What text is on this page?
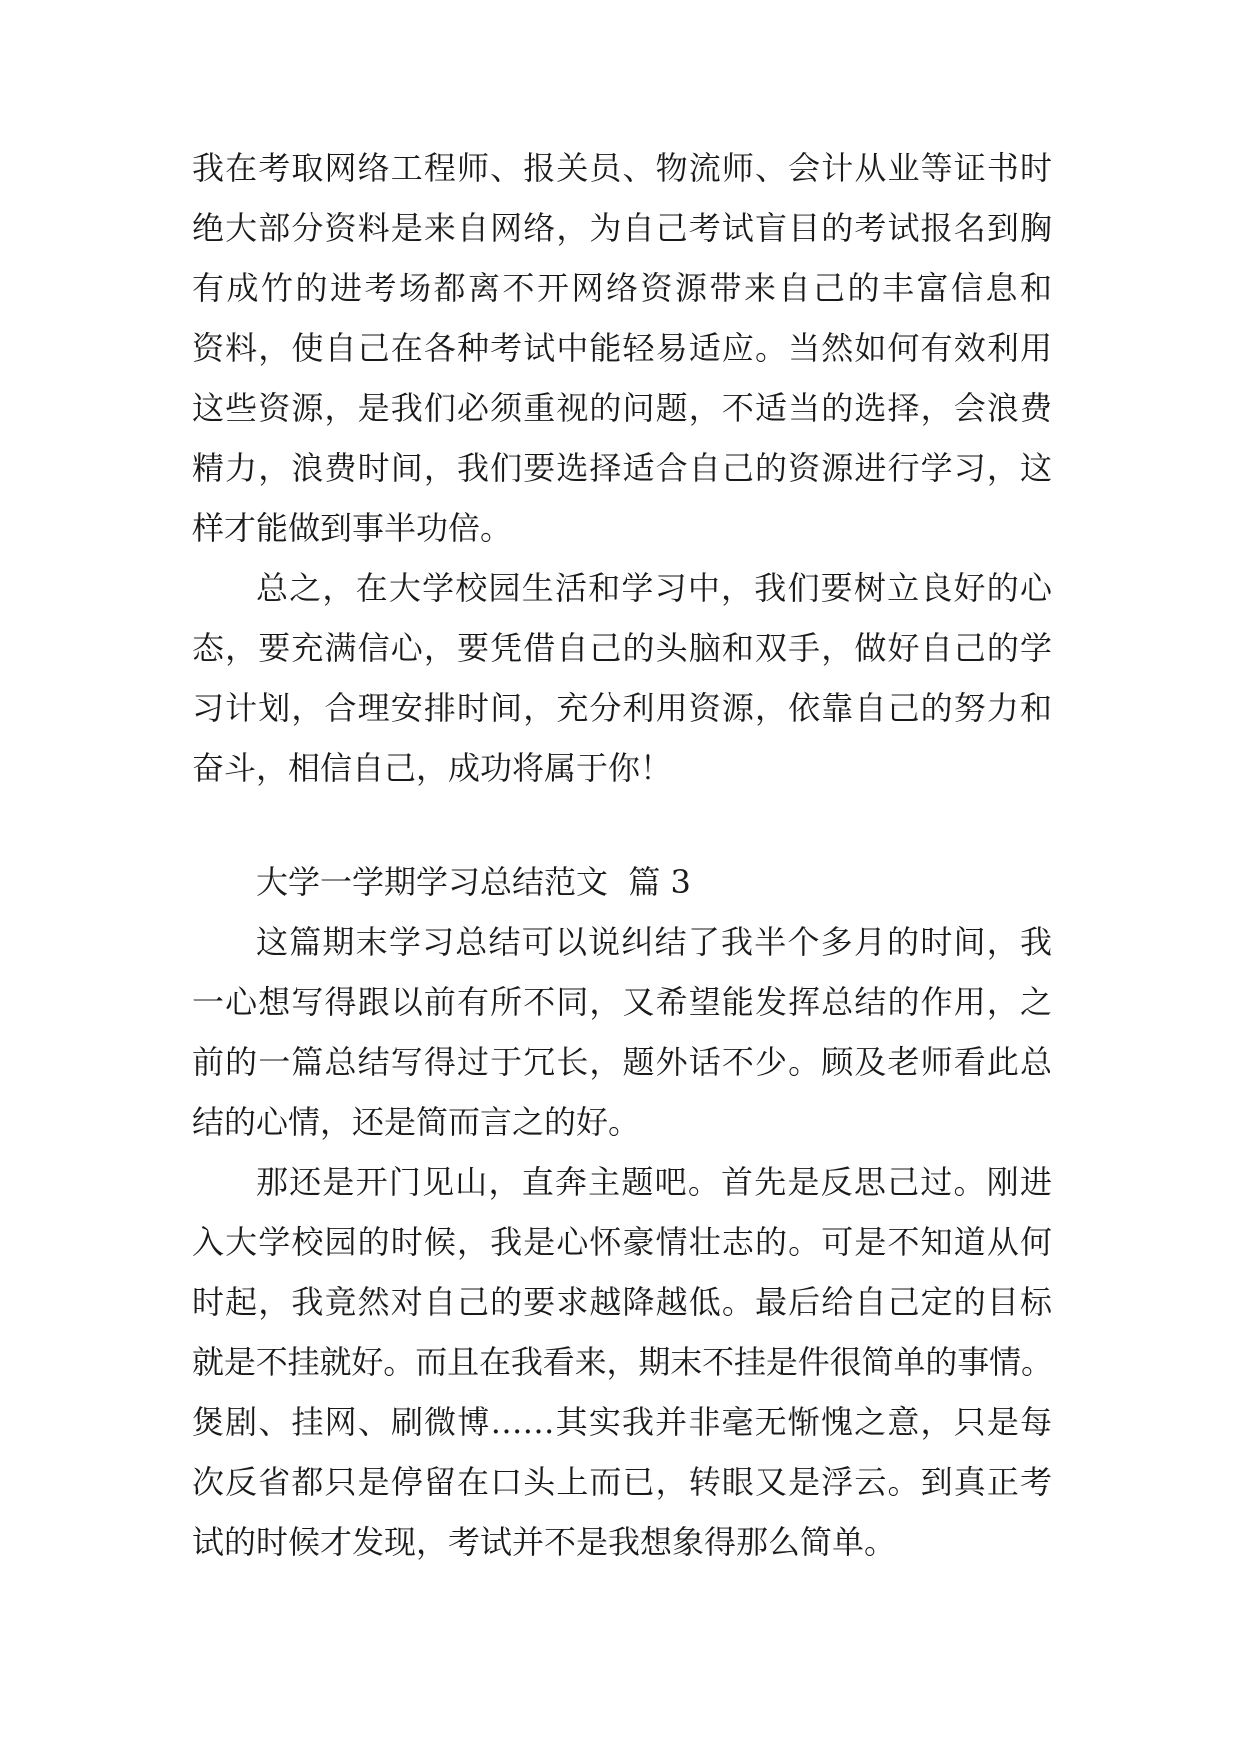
我在考取网络工程师、报关员、物流师、会计从业等证书时
绝大部分资料是来自网络，为自己考试盲目的考试报名到胸
有成竹的进考场都离不开网络资源带来自己的丰富信息和
资料，使自己在各种考试中能轻易适应。当然如何有效利用
这些资源，是我们必须重视的问题，不适当的选择，会浪费
精力，浪费时间，我们要选择适合自己的资源进行学习，这
样才能做到事半功倍。
总之，在大学校园生活和学习中，我们要树立良好的心
态，要充满信心，要凭借自己的头脑和双手，做好自己的学
习计划，合理安排时间，充分利用资源，依靠自己的努力和
奋斗，相信自己，成功将属于你！
大学一学期学习总结范文  篇 3
这篇期末学习总结可以说纠结了我半个多月的时间，我
一心想写得跟以前有所不同，又希望能发挥总结的作用，之
前的一篇总结写得过于冗长，题外话不少。顾及老师看此总
结的心情，还是简而言之的好。
那还是开门见山，直奔主题吧。首先是反思己过。刚进
入大学校园的时候，我是心怀豪情壮志的。可是不知道从何
时起，我竟然对自己的要求越降越低。最后给自己定的目标
就是不挂就好。而且在我看来，期末不挂是件很简单的事情。
煲剧、挂网、刷微博……其实我并非毫无惭愧之意，只是每
次反省都只是停留在口头上而已，转眼又是浮云。到真正考
试的时候才发现，考试并不是我想象得那么简单。
